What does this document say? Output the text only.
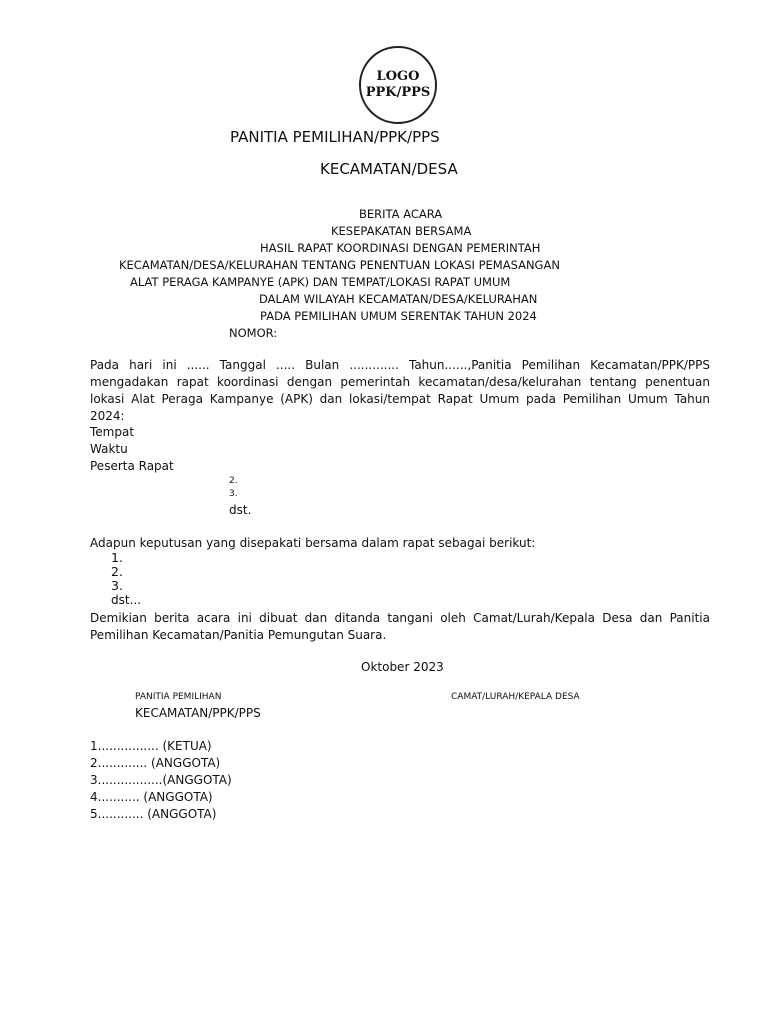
LOGO
PPK/PPS
PANITIA PEMILIHAN/PPK/PPS
KECAMATAN/DESA
BERITA ACARA
KESEPAKATAN BERSAMA
HASIL RAPAT KOORDINASI DENGAN PEMERINTAH
KECAMATAN/DESA/KELURAHAN TENTANG PENENTUAN LOKASI PEMASANGAN
ALAT PERAGA KAMPANYE (APK) DAN TEMPAT/LOKASI RAPAT UMUM
DALAM WILAYAH KECAMATAN/DESA/KELURAHAN
PADA PEMILIHAN UMUM SERENTAK TAHUN 2024
NOMOR:
Pada hari ini ...... Tanggal ..... Bulan ............. Tahun......,Panitia Pemilihan Kecamatan/PPK/PPS mengadakan rapat koordinasi dengan pemerintah kecamatan/desa/kelurahan tentang penentuan lokasi Alat Peraga Kampanye (APK) dan lokasi/tempat Rapat Umum pada Pemilihan Umum Tahun 2024:
Tempat
Waktu
Peserta Rapat
2.
3.
dst.
Adapun keputusan yang disepakati bersama dalam rapat sebagai berikut:
1.
2.
3.
dst...
Demikian berita acara ini dibuat dan ditanda tangani oleh Camat/Lurah/Kepala Desa dan Panitia Pemilihan Kecamatan/Panitia Pemungutan Suara.
Oktober 2023
PANITIA PEMILIHAN	CAMAT/LURAH/KEPALA DESA
KECAMATAN/PPK/PPS
1................ (KETUA)
2............. (ANGGOTA)
3.................(ANGGOTA)
4........... (ANGGOTA)
5............ (ANGGOTA)
